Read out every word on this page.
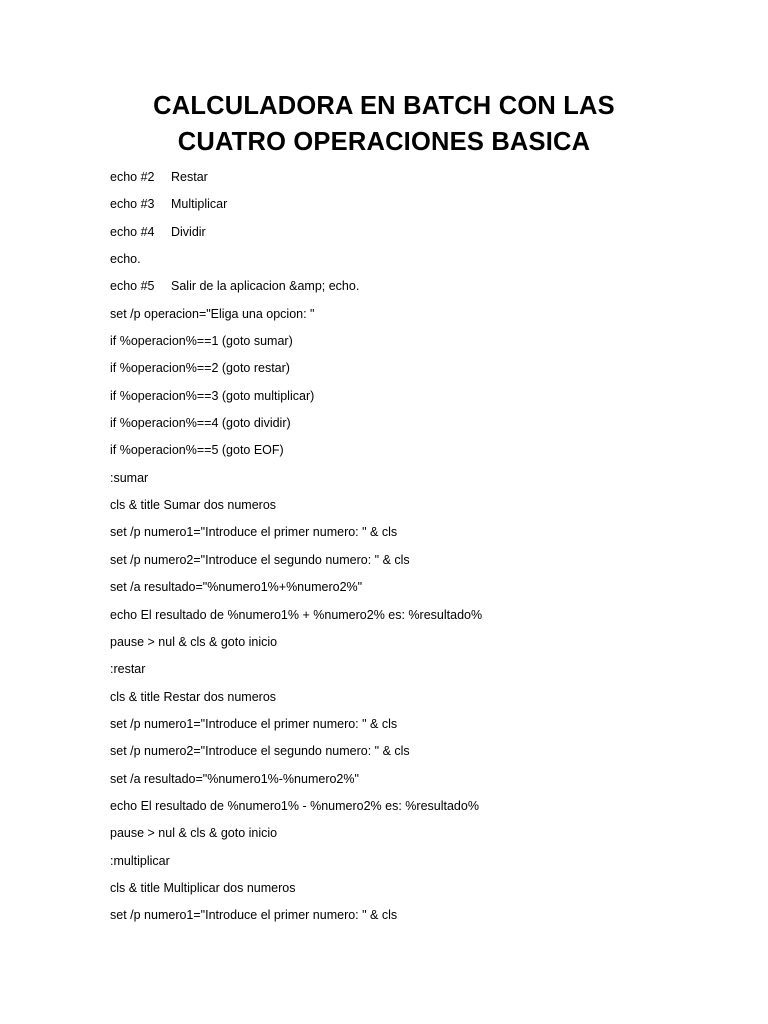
CALCULADORA EN BATCH CON LAS
CUATRO OPERACIONES BASICA
echo #2 Restar
echo #3 Multiplicar
echo #4 Dividir
echo.
echo #5 Salir de la aplicacion &amp; echo.
set /p operacion="Eliga una opcion: "
if %operacion%==1 (goto sumar)
if %operacion%==2 (goto restar)
if %operacion%==3 (goto multiplicar)
if %operacion%==4 (goto dividir)
if %operacion%==5 (goto EOF)
:sumar
cls & title Sumar dos numeros
set /p numero1="Introduce el primer numero: " & cls
set /p numero2="Introduce el segundo numero: " & cls
set /a resultado="%numero1%+%numero2%"
echo El resultado de %numero1% + %numero2% es: %resultado%
pause > nul & cls & goto inicio
:restar
cls & title Restar dos numeros
set /p numero1="Introduce el primer numero: " & cls
set /p numero2="Introduce el segundo numero: " & cls
set /a resultado="%numero1%-%numero2%"
echo El resultado de %numero1% - %numero2% es: %resultado%
pause > nul & cls & goto inicio
:multiplicar
cls & title Multiplicar dos numeros
set /p numero1="Introduce el primer numero: " & cls
